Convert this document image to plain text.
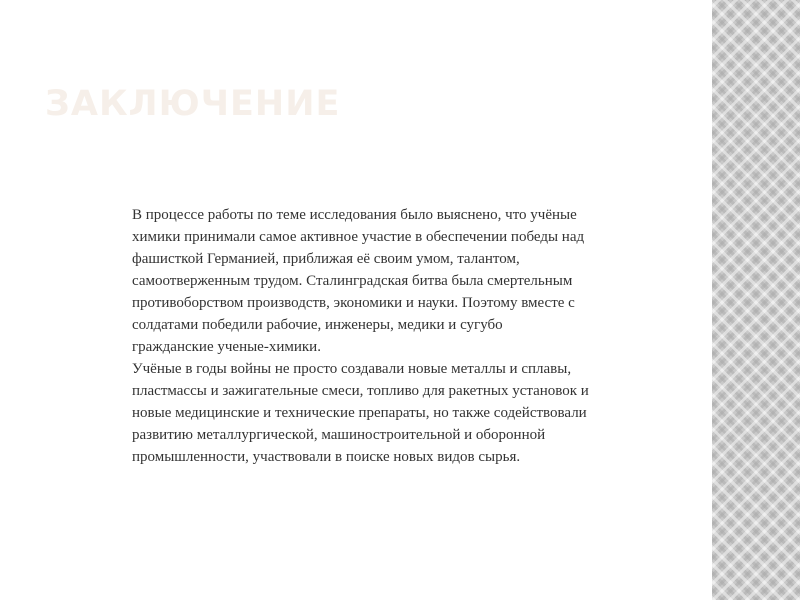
ЗАКЛЮЧЕНИЕ
В процессе работы по теме исследования было выяснено, что учёные
химики принимали самое активное участие в обеспечении победы над
фашисткой Германией, приближая её своим умом, талантом,
самоотверженным трудом. Сталинградская битва была смертельным
противоборством производств, экономики и науки. Поэтому вместе с
солдатами победили рабочие, инженеры, медики и сугубо
гражданские ученые-химики.
Учёные в годы войны не просто создавали новые металлы и сплавы,
пластмассы и зажигательные смеси, топливо для ракетных установок и
новые медицинские и технические препараты, но также содействовали
развитию металлургической, машиностроительной и оборонной
промышленности, участвовали в поиске новых видов сырья.
